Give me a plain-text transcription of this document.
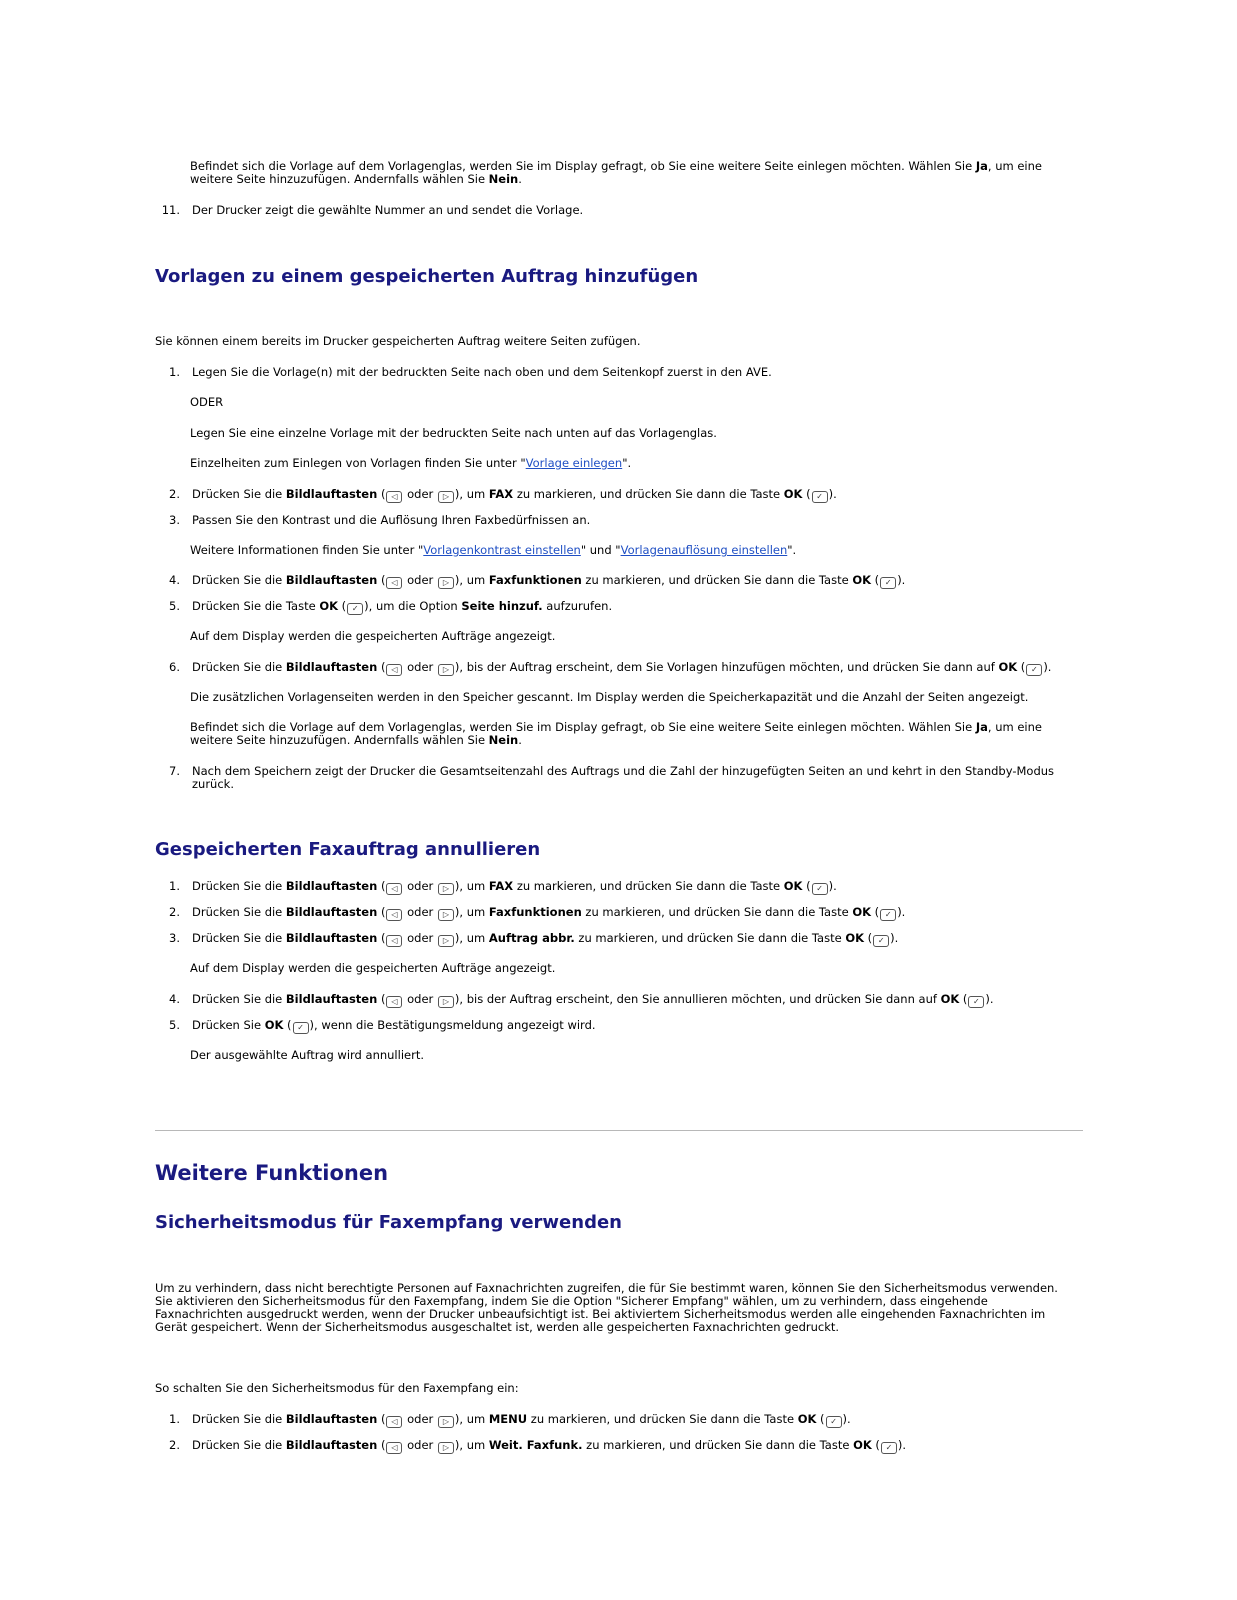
Befindet sich die Vorlage auf dem Vorlagenglas, werden Sie im Display gefragt, ob Sie eine weitere Seite einlegen möchten. Wählen Sie Ja, um eine
weitere Seite hinzuzufügen. Andernfalls wählen Sie Nein.
11. Der Drucker zeigt die gewählte Nummer an und sendet die Vorlage.
Vorlagen zu einem gespeicherten Auftrag hinzufügen
Sie können einem bereits im Drucker gespeicherten Auftrag weitere Seiten zufügen.
1. Legen Sie die Vorlage(n) mit der bedruckten Seite nach oben und dem Seitenkopf zuerst in den AVE.
ODER
Legen Sie eine einzelne Vorlage mit der bedruckten Seite nach unten auf das Vorlagenglas.
Einzelheiten zum Einlegen von Vorlagen finden Sie unter "Vorlage einlegen".
2. Drücken Sie die Bildlauftasten ( ◁ oder ▷ ), um FAX zu markieren, und drücken Sie dann die Taste OK ( ✓ ).
3. Passen Sie den Kontrast und die Auflösung Ihren Faxbedürfnissen an.
Weitere Informationen finden Sie unter "Vorlagenkontrast einstellen" und "Vorlagenauflösung einstellen".
4. Drücken Sie die Bildlauftasten ( ◁ oder ▷ ), um Faxfunktionen zu markieren, und drücken Sie dann die Taste OK ( ✓ ).
5. Drücken Sie die Taste OK ( ✓ ), um die Option Seite hinzuf. aufzurufen.
Auf dem Display werden die gespeicherten Aufträge angezeigt.
6. Drücken Sie die Bildlauftasten ( ◁ oder ▷ ), bis der Auftrag erscheint, dem Sie Vorlagen hinzufügen möchten, und drücken Sie dann auf OK ( ✓ ).
Die zusätzlichen Vorlagenseiten werden in den Speicher gescannt. Im Display werden die Speicherkapazität und die Anzahl der Seiten angezeigt.
Befindet sich die Vorlage auf dem Vorlagenglas, werden Sie im Display gefragt, ob Sie eine weitere Seite einlegen möchten. Wählen Sie Ja, um eine
weitere Seite hinzuzufügen. Andernfalls wählen Sie Nein.
7. Nach dem Speichern zeigt der Drucker die Gesamtseitenzahl des Auftrags und die Zahl der hinzugefügten Seiten an und kehrt in den Standby-Modus
zurück.
Gespeicherten Faxauftrag annullieren
1. Drücken Sie die Bildlauftasten ( ◁ oder ▷ ), um FAX zu markieren, und drücken Sie dann die Taste OK ( ✓ ).
2. Drücken Sie die Bildlauftasten ( ◁ oder ▷ ), um Faxfunktionen zu markieren, und drücken Sie dann die Taste OK ( ✓ ).
3. Drücken Sie die Bildlauftasten ( ◁ oder ▷ ), um Auftrag abbr. zu markieren, und drücken Sie dann die Taste OK ( ✓ ).
Auf dem Display werden die gespeicherten Aufträge angezeigt.
4. Drücken Sie die Bildlauftasten ( ◁ oder ▷ ), bis der Auftrag erscheint, den Sie annullieren möchten, und drücken Sie dann auf OK ( ✓ ).
5. Drücken Sie OK ( ✓ ), wenn die Bestätigungsmeldung angezeigt wird.
Der ausgewählte Auftrag wird annulliert.
Weitere Funktionen
Sicherheitsmodus für Faxempfang verwenden
Um zu verhindern, dass nicht berechtigte Personen auf Faxnachrichten zugreifen, die für Sie bestimmt waren, können Sie den Sicherheitsmodus verwenden.
Sie aktivieren den Sicherheitsmodus für den Faxempfang, indem Sie die Option "Sicherer Empfang" wählen, um zu verhindern, dass eingehende
Faxnachrichten ausgedruckt werden, wenn der Drucker unbeaufsichtigt ist. Bei aktiviertem Sicherheitsmodus werden alle eingehenden Faxnachrichten im
Gerät gespeichert. Wenn der Sicherheitsmodus ausgeschaltet ist, werden alle gespeicherten Faxnachrichten gedruckt.
So schalten Sie den Sicherheitsmodus für den Faxempfang ein:
1. Drücken Sie die Bildlauftasten ( ◁ oder ▷ ), um MENU zu markieren, und drücken Sie dann die Taste OK ( ✓ ).
2. Drücken Sie die Bildlauftasten ( ◁ oder ▷ ), um Weit. Faxfunk. zu markieren, und drücken Sie dann die Taste OK ( ✓ ).
